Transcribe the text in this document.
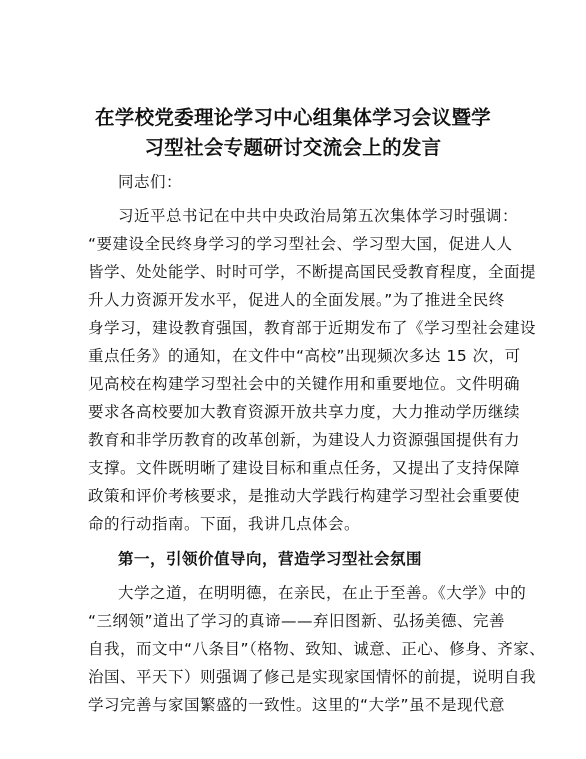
在学校党委理论学习中心组集体学习会议暨学
习型社会专题研讨交流会上的发言
同志们：
习近平总书记在中共中央政治局第五次集体学习时强调：
“要建设全民终身学习的学习型社会、学习型大国，促进人人
皆学、处处能学、时时可学，不断提高国民受教育程度，全面提
升人力资源开发水平，促进人的全面发展。”为了推进全民终
身学习，建设教育强国，教育部于近期发布了《学习型社会建设
重点任务》的通知，在文件中“高校”出现频次多达 15 次，可
见高校在构建学习型社会中的关键作用和重要地位。文件明确
要求各高校要加大教育资源开放共享力度，大力推动学历继续
教育和非学历教育的改革创新，为建设人力资源强国提供有力
支撑。文件既明晰了建设目标和重点任务，又提出了支持保障
政策和评价考核要求，是推动大学践行构建学习型社会重要使
命的行动指南。下面，我讲几点体会。
第一，引领价值导向，营造学习型社会氛围
大学之道，在明明德，在亲民，在止于至善。《大学》中的
“三纲领”道出了学习的真谛——弃旧图新、弘扬美德、完善
自我，而文中“八条目”（格物、致知、诚意、正心、修身、齐家、
治国、平天下）则强调了修己是实现家国情怀的前提，说明自我
学习完善与家国繁盛的一致性。这里的“大学”虽不是现代意
